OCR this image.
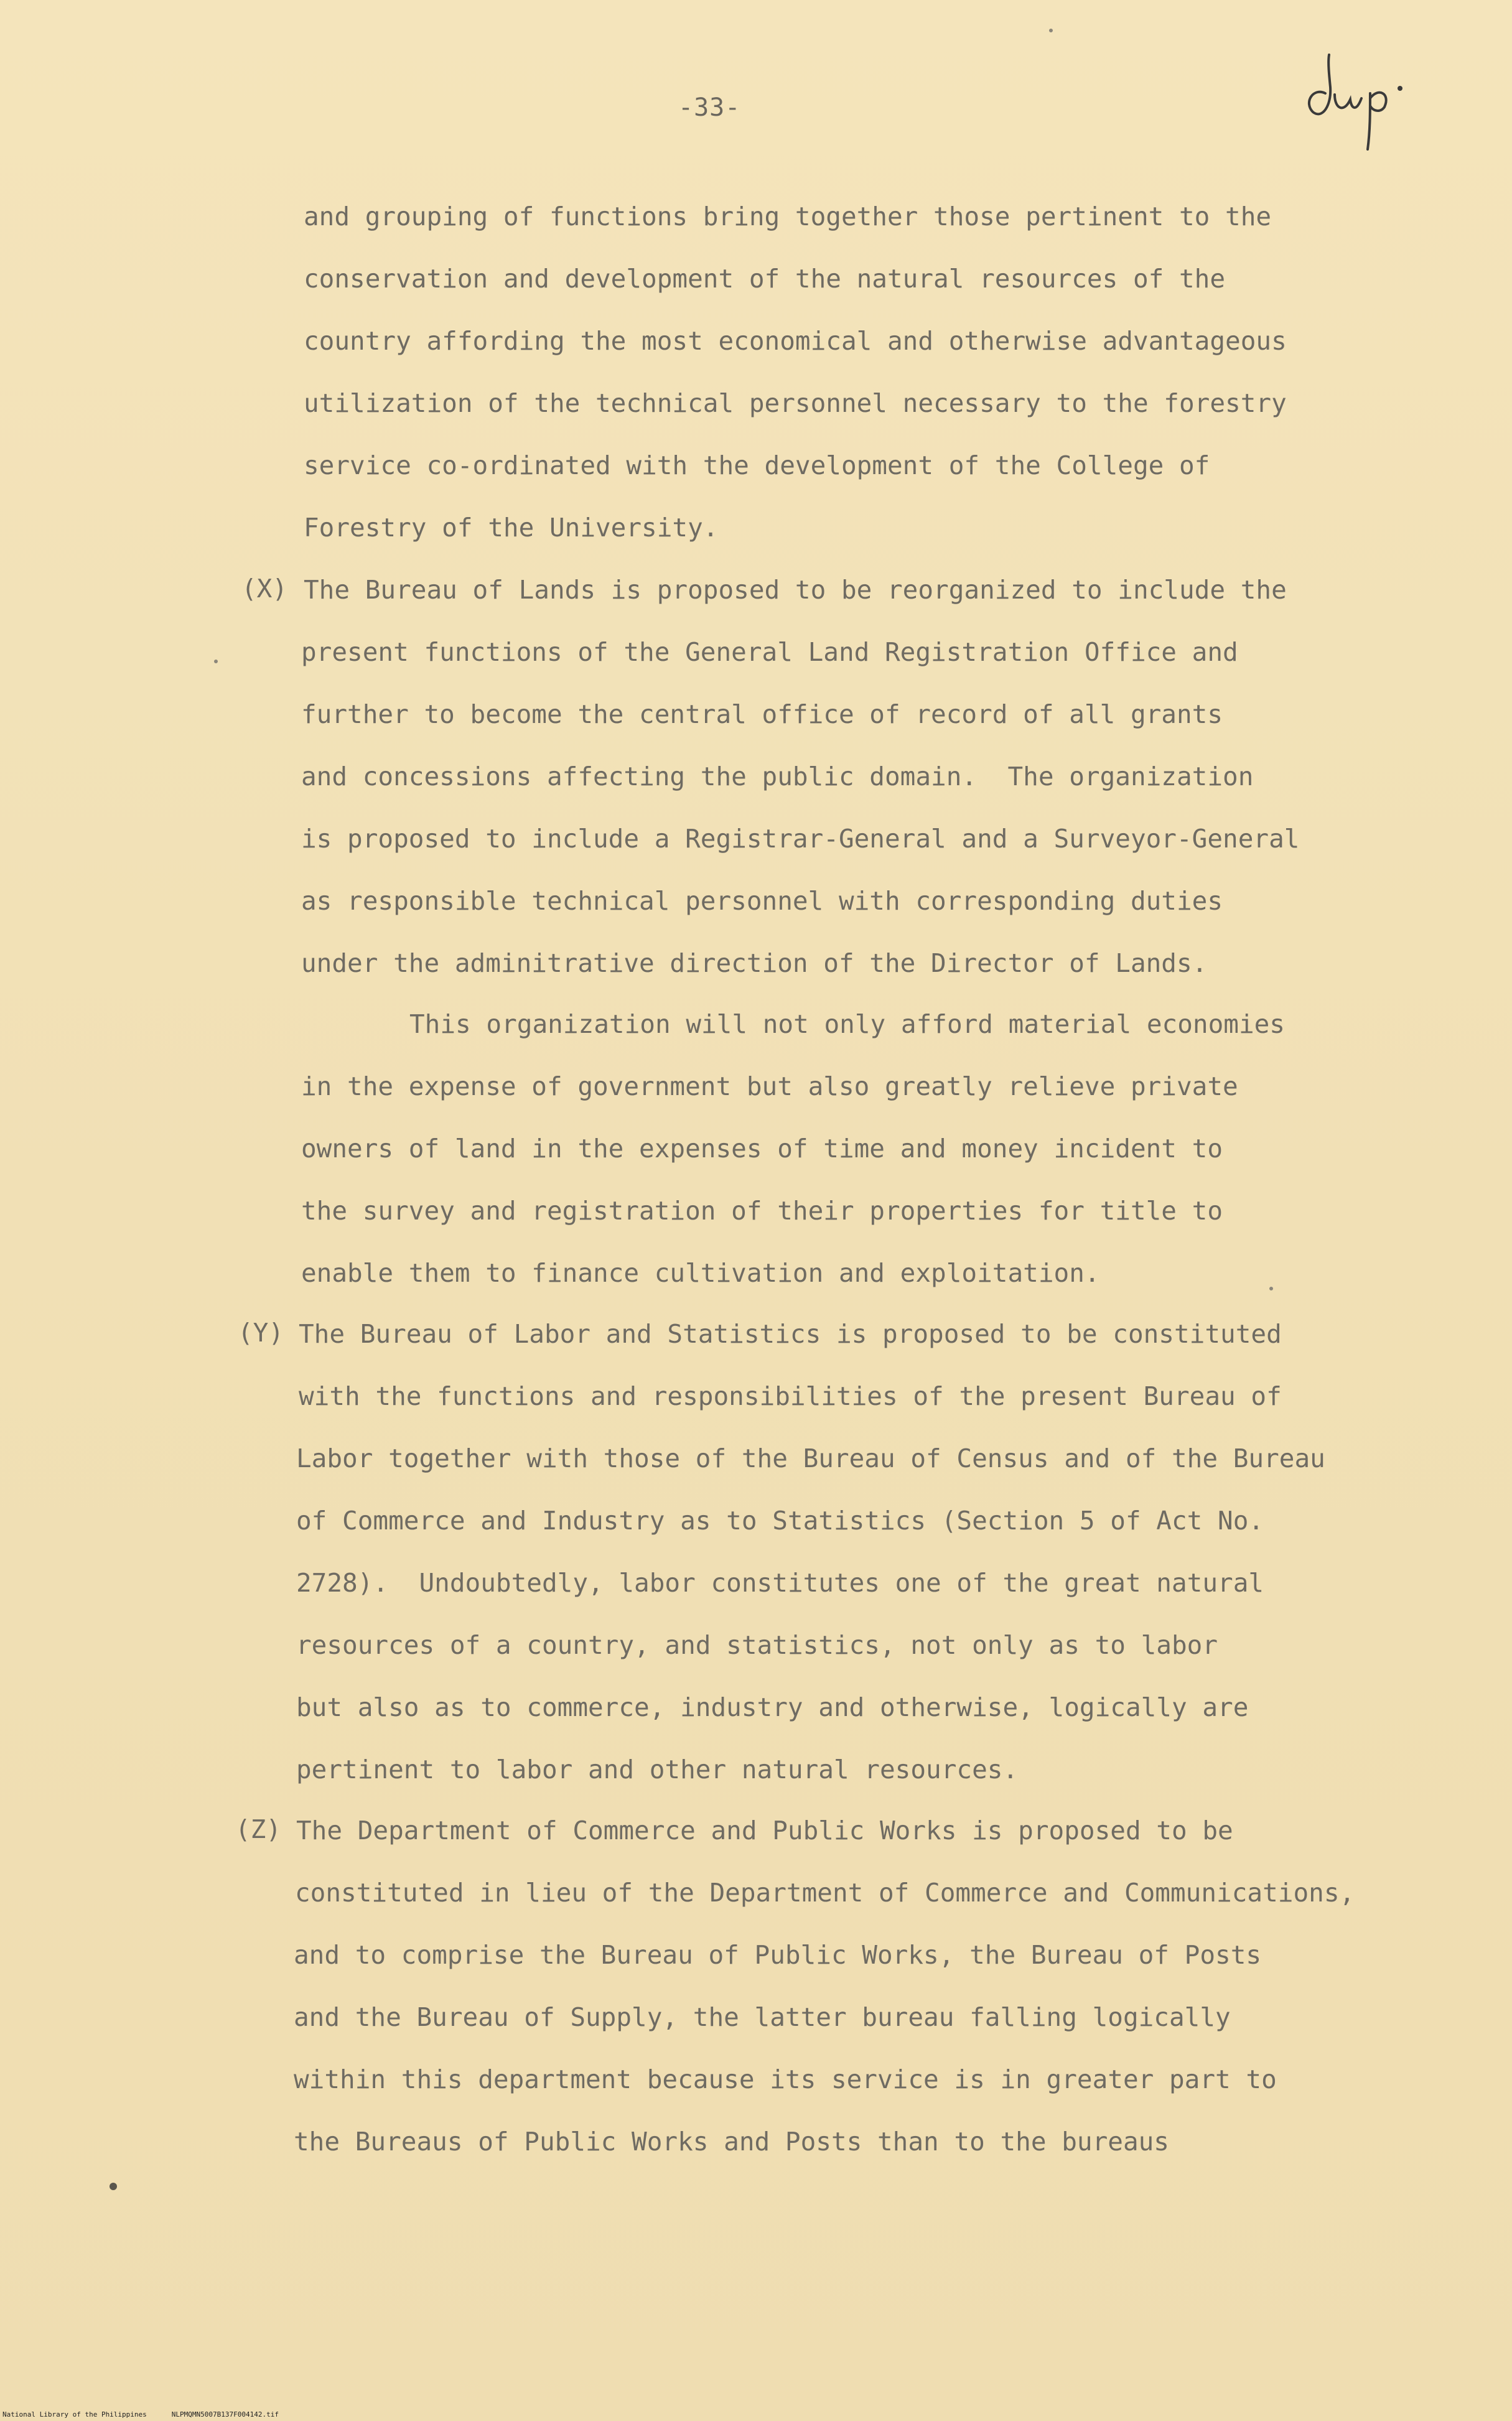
-33-
and grouping of functions bring together those pertinent to the
conservation and development of the natural resources of the
country affording the most economical and otherwise advantageous
utilization of the technical personnel necessary to the forestry
service co-ordinated with the development of the College of
Forestry of the University.
(X) The Bureau of Lands is proposed to be reorganized to include the
present functions of the General Land Registration Office and
further to become the central office of record of all grants
and concessions affecting the public domain.  The organization
is proposed to include a Registrar-General and a Surveyor-General
as responsible technical personnel with corresponding duties
under the adminitrative direction of the Director of Lands.
This organization will not only afford material economies
in the expense of government but also greatly relieve private
owners of land in the expenses of time and money incident to
the survey and registration of their properties for title to
enable them to finance cultivation and exploitation.
(Y) The Bureau of Labor and Statistics is proposed to be constituted
with the functions and responsibilities of the present Bureau of
Labor together with those of the Bureau of Census and of the Bureau
of Commerce and Industry as to Statistics (Section 5 of Act No.
2728).  Undoubtedly, labor constitutes one of the great natural
resources of a country, and statistics, not only as to labor
but also as to commerce, industry and otherwise, logically are
pertinent to labor and other natural resources.
(Z) The Department of Commerce and Public Works is proposed to be
constituted in lieu of the Department of Commerce and Communications,
and to comprise the Bureau of Public Works, the Bureau of Posts
and the Bureau of Supply, the latter bureau falling logically
within this department because its service is in greater part to
the Bureaus of Public Works and Posts than to the bureaus
National Library of the Philippines	NLPMQMN5007B137F004142.tif
